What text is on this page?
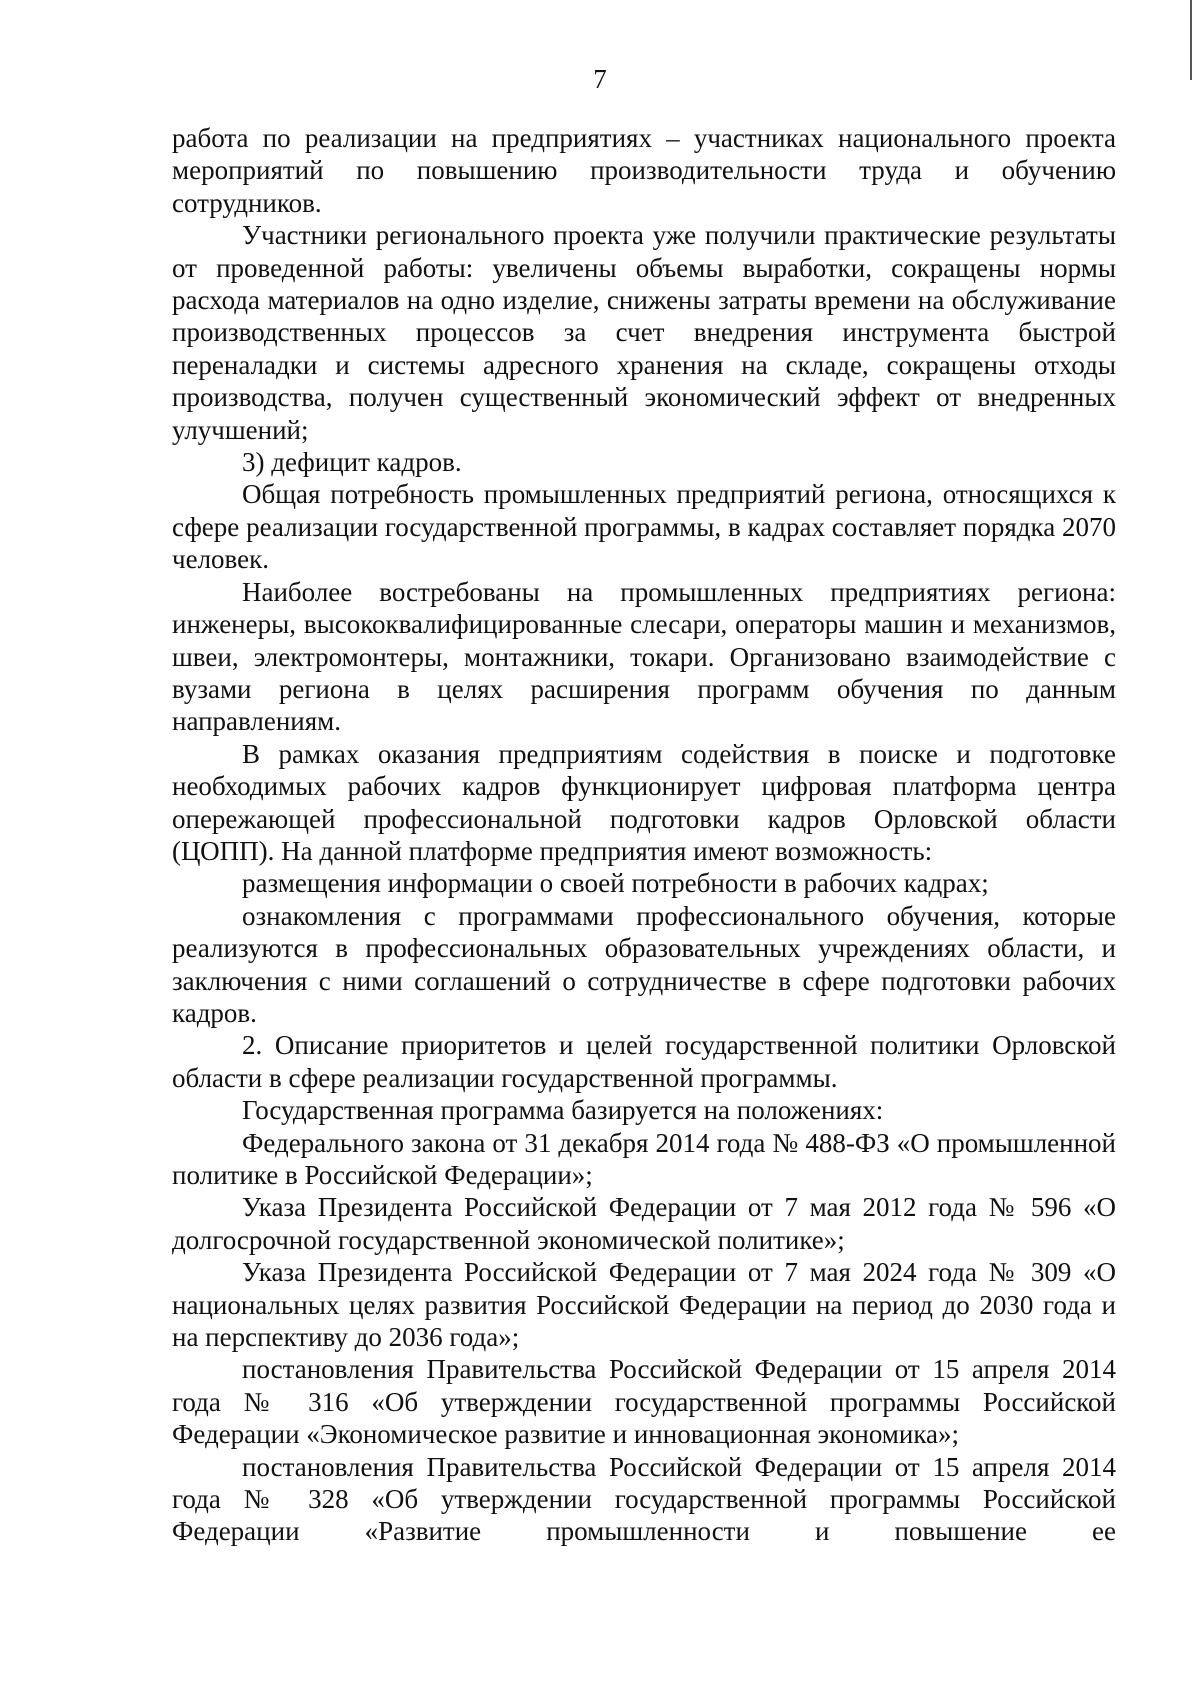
7

работа по реализации на предприятиях – участниках национального проекта мероприятий по повышению производительности труда и обучению сотрудников.

Участники регионального проекта уже получили практические результаты от проведенной работы: увеличены объемы выработки, сокращены нормы расхода материалов на одно изделие, снижены затраты времени на обслуживание производственных процессов за счет внедрения инструмента быстрой переналадки и системы адресного хранения на складе, сокращены отходы производства, получен существенный экономический эффект от внедренных улучшений;

3) дефицит кадров.

Общая потребность промышленных предприятий региона, относящихся к сфере реализации государственной программы, в кадрах составляет порядка 2070 человек.

Наиболее востребованы на промышленных предприятиях региона: инженеры, высококвалифицированные слесари, операторы машин и механизмов, швеи, электромонтеры, монтажники, токари. Организовано взаимодействие с вузами региона в целях расширения программ обучения по данным направлениям.

В рамках оказания предприятиям содействия в поиске и подготовке необходимых рабочих кадров функционирует цифровая платформа центра опережающей профессиональной подготовки кадров Орловской области (ЦОПП). На данной платформе предприятия имеют возможность:

размещения информации о своей потребности в рабочих кадрах;

ознакомления с программами профессионального обучения, которые реализуются в профессиональных образовательных учреждениях области, и заключения с ними соглашений о сотрудничестве в сфере подготовки рабочих кадров.

2. Описание приоритетов и целей государственной политики Орловской области в сфере реализации государственной программы.

Государственная программа базируется на положениях:

Федерального закона от 31 декабря 2014 года № 488-ФЗ «О промышленной политике в Российской Федерации»;

Указа Президента Российской Федерации от 7 мая 2012 года № 596 «О долгосрочной государственной экономической политике»;

Указа Президента Российской Федерации от 7 мая 2024 года № 309 «О национальных целях развития Российской Федерации на период до 2030 года и на перспективу до 2036 года»;

постановления Правительства Российской Федерации от 15 апреля 2014 года № 316 «Об утверждении государственной программы Российской Федерации «Экономическое развитие и инновационная экономика»;

постановления Правительства Российской Федерации от 15 апреля 2014 года № 328 «Об утверждении государственной программы Российской Федерации «Развитие промышленности и повышение ее
